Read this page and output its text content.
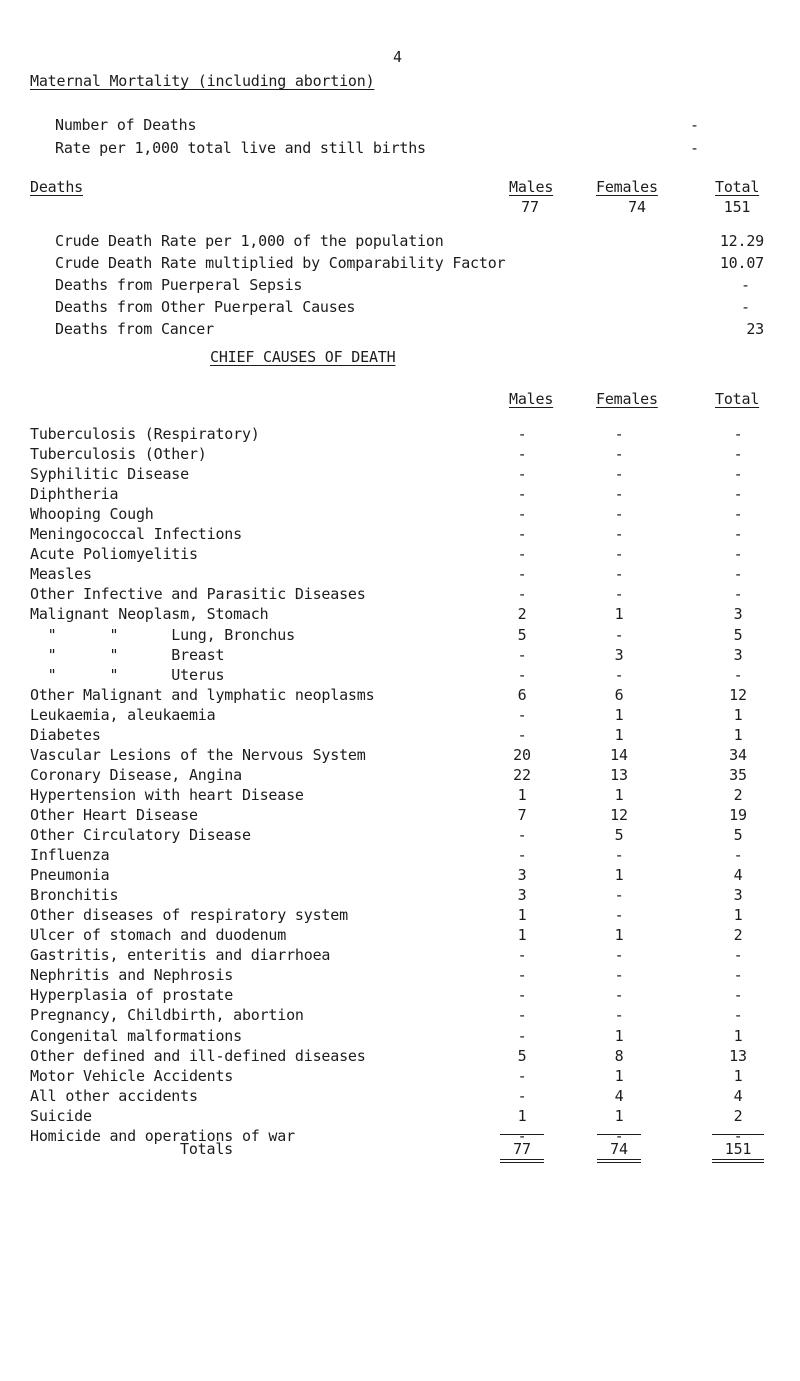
4
Maternal Mortality (including abortion)
Number of Deaths	-
Rate per 1,000 total live and still births	-
Deaths	Males	Females	Total
77	74	151
Crude Death Rate per 1,000 of the population	12.29
Crude Death Rate multiplied by Comparability Factor	10.07
Deaths from Puerperal Sepsis	-
Deaths from Other Puerperal Causes	-
Deaths from Cancer	23
CHIEF CAUSES OF DEATH
Males	Females	Total
Tuberculosis (Respiratory)	-	-	-
Tuberculosis (Other)	-	-	-
Syphilitic Disease	-	-	-
Diphtheria	-	-	-
Whooping Cough	-	-	-
Meningococcal Infections	-	-	-
Acute Poliomyelitis	-	-	-
Measles	-	-	-
Other Infective and Parasitic Diseases	-	-	-
Malignant Neoplasm, Stomach	2	1	3
"      "      Lung, Bronchus	5	-	5
"      "      Breast	-	3	3
"      "      Uterus	-	-	-
Other Malignant and lymphatic neoplasms	6	6	12
Leukaemia, aleukaemia	-	1	1
Diabetes	-	1	1
Vascular Lesions of the Nervous System	20	14	34
Coronary Disease, Angina	22	13	35
Hypertension with heart Disease	1	1	2
Other Heart Disease	7	12	19
Other Circulatory Disease	-	5	5
Influenza	-	-	-
Pneumonia	3	1	4
Bronchitis	3	-	3
Other diseases of respiratory system	1	-	1
Ulcer of stomach and duodenum	1	1	2
Gastritis, enteritis and diarrhoea	-	-	-
Nephritis and Nephrosis	-	-	-
Hyperplasia of prostate	-	-	-
Pregnancy, Childbirth, abortion	-	-	-
Congenital malformations	-	1	1
Other defined and ill-defined diseases	5	8	13
Motor Vehicle Accidents	-	1	1
All other accidents	-	4	4
Suicide	1	1	2
Homicide and operations of war	-	-	-
Totals	77	74	151
